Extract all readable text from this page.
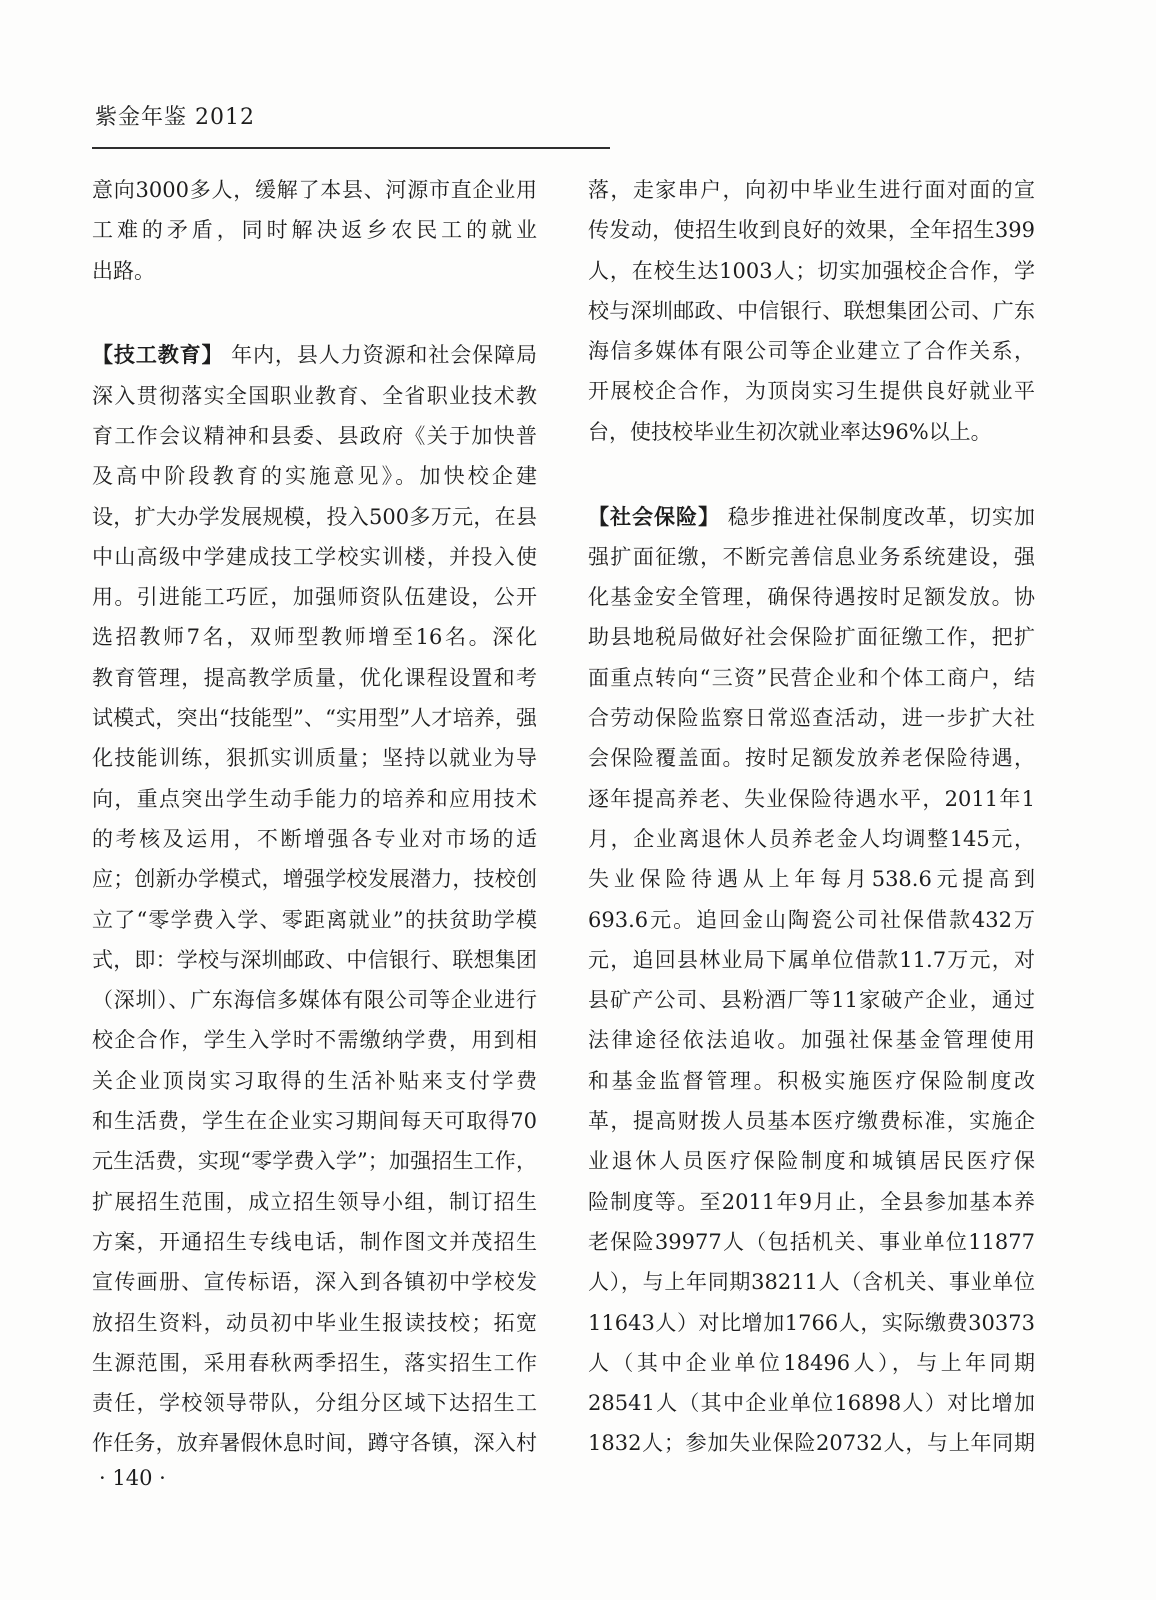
紫金年鉴 2012
意向3000多人，缓解了本县、河源市直企业用
工难的矛盾，同时解决返乡农民工的就业
出路。
【技工教育】 年内，县人力资源和社会保障局
深入贯彻落实全国职业教育、全省职业技术教
育工作会议精神和县委、县政府《关于加快普
及高中阶段教育的实施意见》。加快校企建
设，扩大办学发展规模，投入500多万元，在县
中山高级中学建成技工学校实训楼，并投入使
用。引进能工巧匠，加强师资队伍建设，公开
选招教师7名，双师型教师增至16名。深化
教育管理，提高教学质量，优化课程设置和考
试模式，突出“技能型”、“实用型”人才培养，强
化技能训练，狠抓实训质量；坚持以就业为导
向，重点突出学生动手能力的培养和应用技术
的考核及运用，不断增强各专业对市场的适
应；创新办学模式，增强学校发展潜力，技校创
立了“零学费入学、零距离就业”的扶贫助学模
式，即：学校与深圳邮政、中信银行、联想集团
（深圳）、广东海信多媒体有限公司等企业进行
校企合作，学生入学时不需缴纳学费，用到相
关企业顶岗实习取得的生活补贴来支付学费
和生活费，学生在企业实习期间每天可取得70
元生活费，实现“零学费入学”；加强招生工作，
扩展招生范围，成立招生领导小组，制订招生
方案，开通招生专线电话，制作图文并茂招生
宣传画册、宣传标语，深入到各镇初中学校发
放招生资料，动员初中毕业生报读技校；拓宽
生源范围，采用春秋两季招生，落实招生工作
责任，学校领导带队，分组分区域下达招生工
作任务，放弃暑假休息时间，蹲守各镇，深入村
落，走家串户，向初中毕业生进行面对面的宣
传发动，使招生收到良好的效果，全年招生399
人，在校生达1003人；切实加强校企合作，学
校与深圳邮政、中信银行、联想集团公司、广东
海信多媒体有限公司等企业建立了合作关系，
开展校企合作，为顶岗实习生提供良好就业平
台，使技校毕业生初次就业率达96%以上。
【社会保险】 稳步推进社保制度改革，切实加
强扩面征缴，不断完善信息业务系统建设，强
化基金安全管理，确保待遇按时足额发放。协
助县地税局做好社会保险扩面征缴工作，把扩
面重点转向“三资”民营企业和个体工商户，结
合劳动保险监察日常巡查活动，进一步扩大社
会保险覆盖面。按时足额发放养老保险待遇，
逐年提高养老、失业保险待遇水平，2011年1
月，企业离退休人员养老金人均调整145元，
失业保险待遇从上年每月538.6元提高到
693.6元。追回金山陶瓷公司社保借款432万
元，追回县林业局下属单位借款11.7万元，对
县矿产公司、县粉酒厂等11家破产企业，通过
法律途径依法追收。加强社保基金管理使用
和基金监督管理。积极实施医疗保险制度改
革，提高财拨人员基本医疗缴费标准，实施企
业退休人员医疗保险制度和城镇居民医疗保
险制度等。至2011年9月止，全县参加基本养
老保险39977人（包括机关、事业单位11877
人），与上年同期38211人（含机关、事业单位
11643人）对比增加1766人，实际缴费30373
人（其中企业单位18496人），与上年同期
28541人（其中企业单位16898人）对比增加
1832人；参加失业保险20732人，与上年同期
· 140 ·
